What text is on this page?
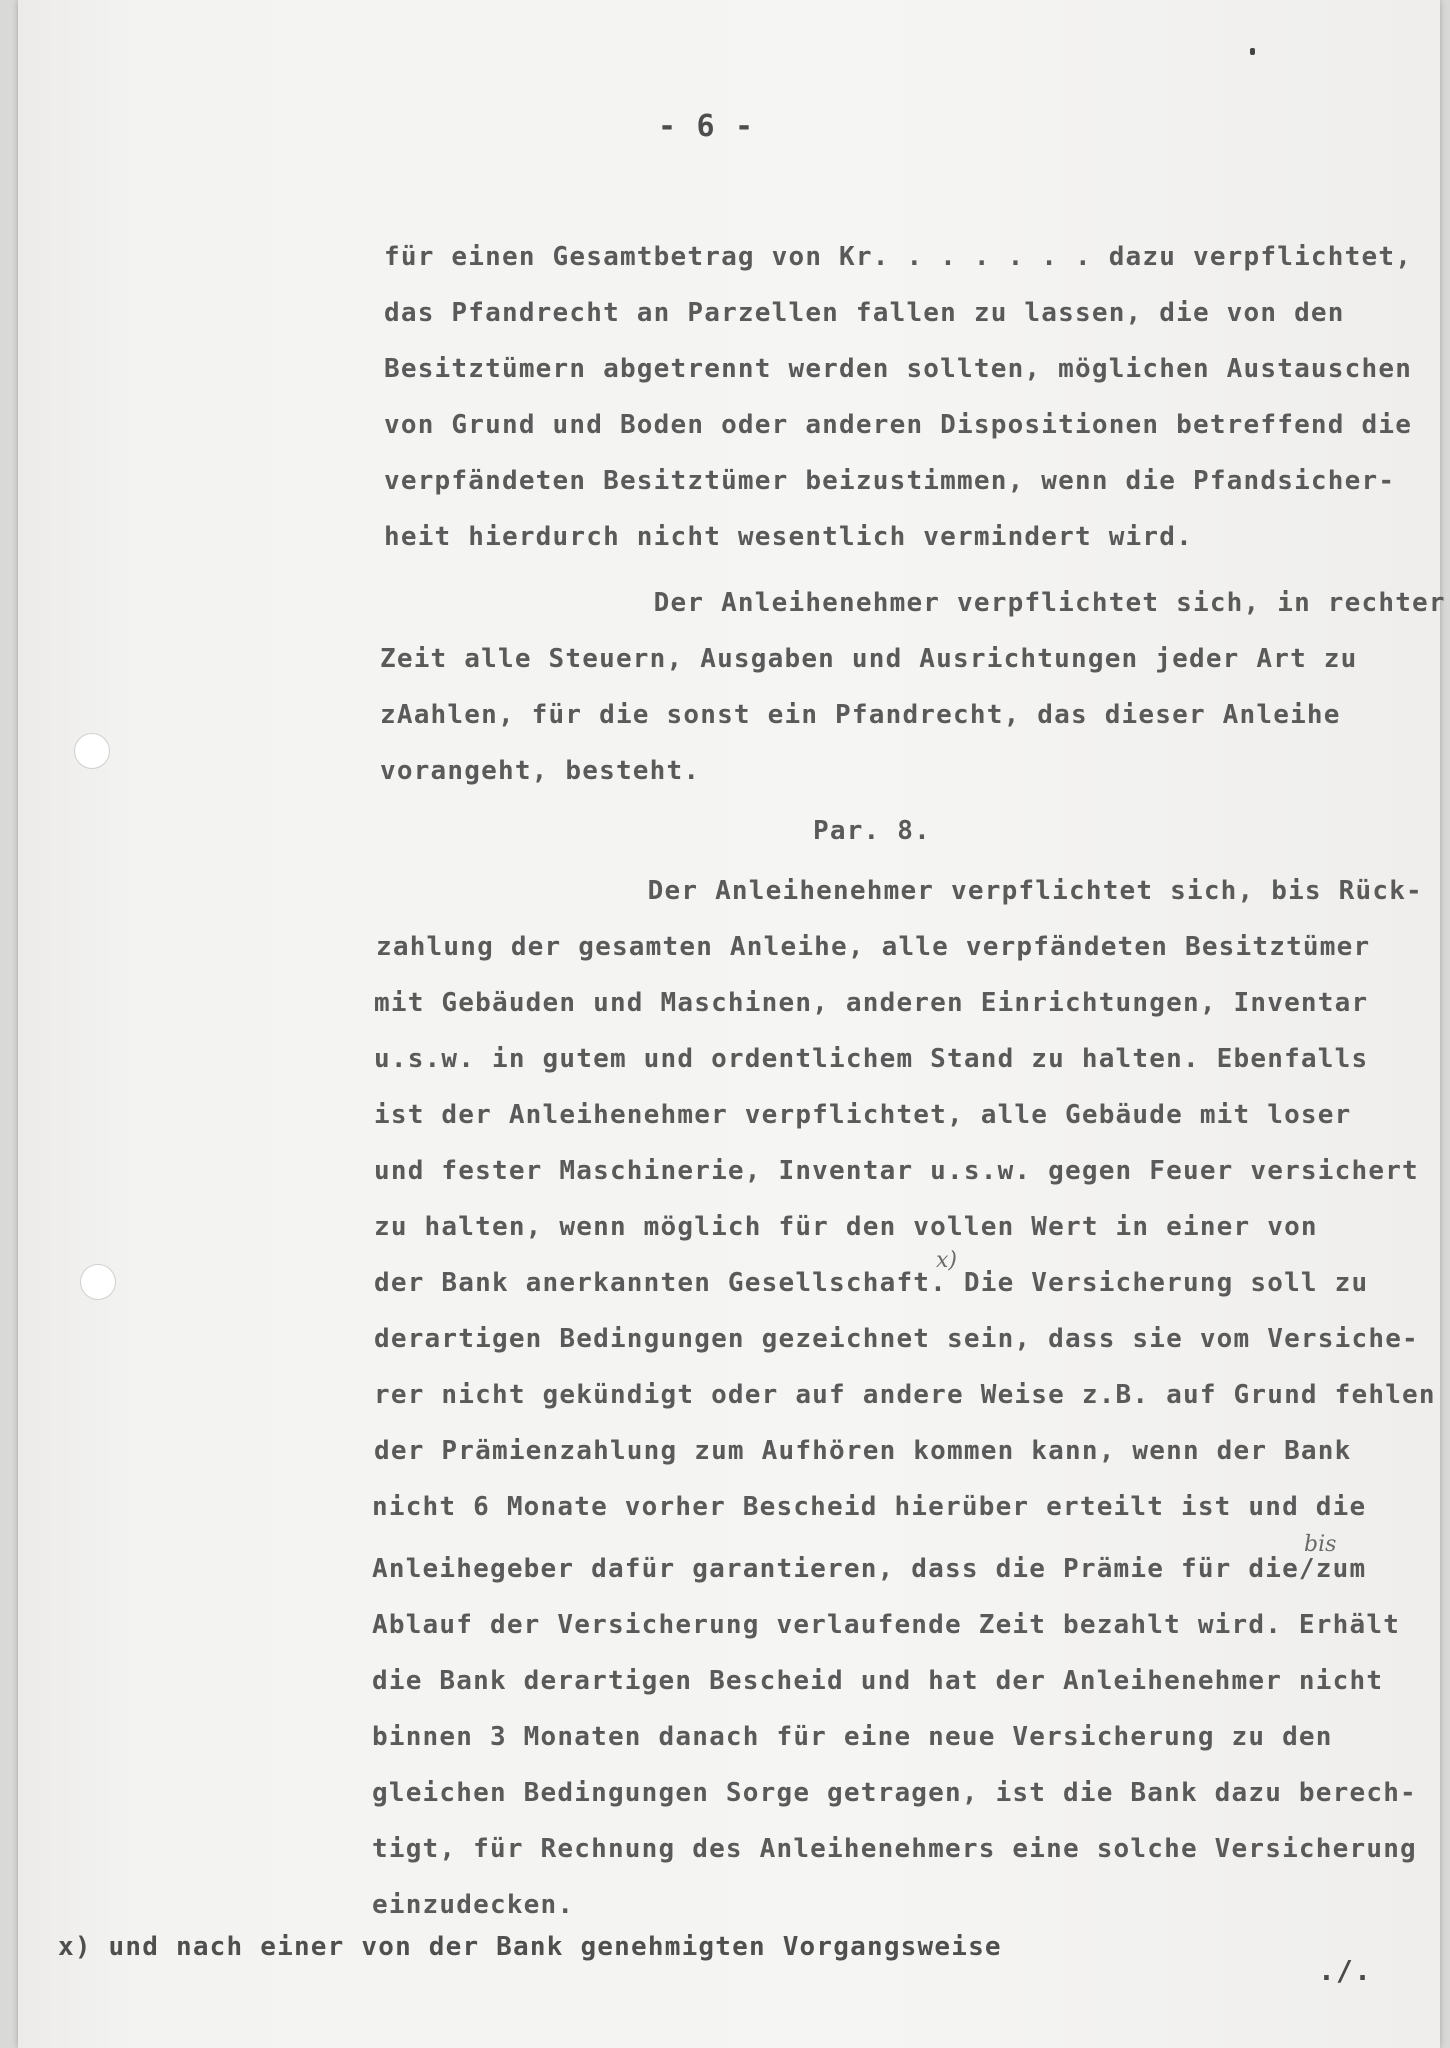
- 6 -
für einen Gesamtbetrag von Kr. . . . . . . dazu verpflichtet,
das Pfandrecht an Parzellen fallen zu lassen, die von den
Besitztümern abgetrennt werden sollten, möglichen Austauschen
von Grund und Boden oder anderen Dispositionen betreffend die
verpfändeten Besitztümer beizustimmen, wenn die Pfandsicher-
heit hierdurch nicht wesentlich vermindert wird.
Der Anleihenehmer verpflichtet sich, in rechter
Zeit alle Steuern, Ausgaben und Ausrichtungen jeder Art zu
zAahlen, für die sonst ein Pfandrecht, das dieser Anleihe
vorangeht, besteht.
Par. 8.
Der Anleihenehmer verpflichtet sich, bis Rück-
zahlung der gesamten Anleihe, alle verpfändeten Besitztümer
mit Gebäuden und Maschinen, anderen Einrichtungen, Inventar
u.s.w. in gutem und ordentlichem Stand zu halten. Ebenfalls
ist der Anleihenehmer verpflichtet, alle Gebäude mit loser
und fester Maschinerie, Inventar u.s.w. gegen Feuer versichert
zu halten, wenn möglich für den vollen Wert in einer von
der Bank anerkannten Gesellschaft. Die Versicherung soll zu
derartigen Bedingungen gezeichnet sein, dass sie vom Versiche-
rer nicht gekündigt oder auf andere Weise z.B. auf Grund fehlen
der Prämienzahlung zum Aufhören kommen kann, wenn der Bank
nicht 6 Monate vorher Bescheid hierüber erteilt ist und die
Anleihegeber dafür garantieren, dass die Prämie für die/zum
Ablauf der Versicherung verlaufende Zeit bezahlt wird. Erhält
die Bank derartigen Bescheid und hat der Anleihenehmer nicht
binnen 3 Monaten danach für eine neue Versicherung zu den
gleichen Bedingungen Sorge getragen, ist die Bank dazu berech-
tigt, für Rechnung des Anleihenehmers eine solche Versicherung
einzudecken.
x)
bis
x) und nach einer von der Bank genehmigten Vorgangsweise
./.
